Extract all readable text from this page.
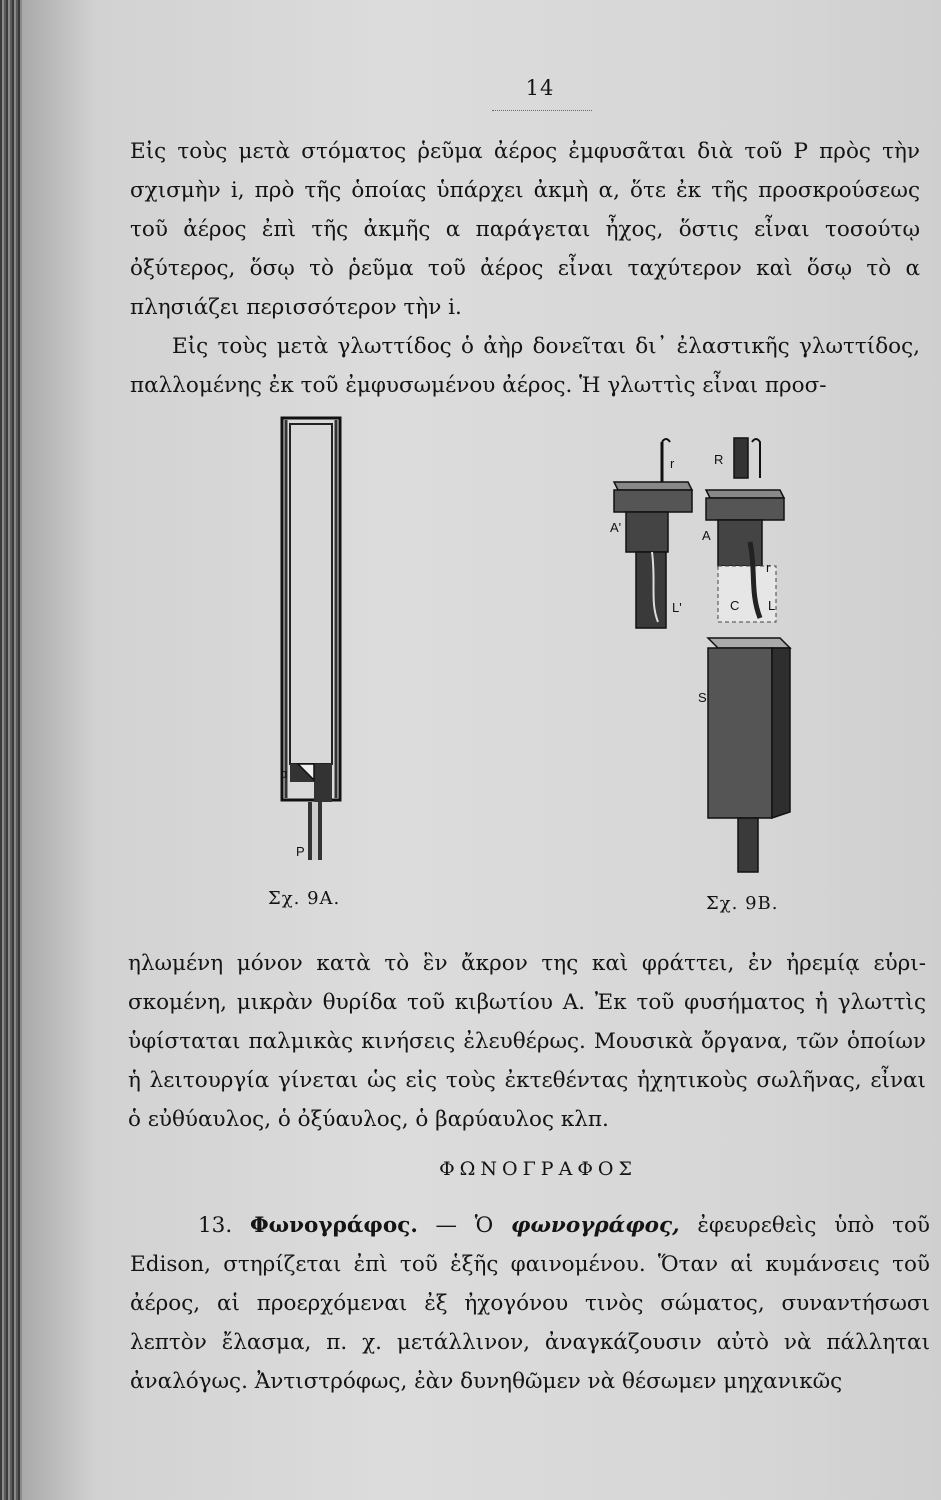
14

Εἰς τοὺς μετὰ στόματος ῥεῦμα ἀέρος ἐμφυσᾶται διὰ τοῦ P πρὸς τὴν σχισμὴν i, πρὸ τῆς ὁποίας ὑπάρχει ἀκμὴ α, ὅτε ἐκ τῆς προσκρούσεως τοῦ ἀέρος ἐπὶ τῆς ἀκμῆς α παράγεται ἦχος, ὅστις εἶναι τοσούτῳ ὀξύτερος, ὅσῳ τὸ ῥεῦμα τοῦ ἀέρος εἶναι ταχύτερον καὶ ὅσῳ τὸ α πλησιάζει περισσότερον τὴν i.

Εἰς τοὺς μετὰ γλωττίδος ὁ ἀὴρ δονεῖται δι᾽ ἐλαστικῆς γλωττίδος, παλλομένης ἐκ τοῦ ἐμφυσωμένου ἀέρος. Ἡ γλωττὶς εἶναι προσ-

i
α
P
Σχ. 9Α.
r
A'
L'
R
A
C L
r
S
Σχ. 9Β.

ηλωμένη μόνον κατὰ τὸ ἓν ἄκρον της καὶ φράττει, ἐν ἠρεμίᾳ εὑρισκομένη, μικρὰν θυρίδα τοῦ κιβωτίου A. Ἐκ τοῦ φυσήματος ἡ γλωττὶς ὑφίσταται παλμικὰς κινήσεις ἐλευθέρως. Μουσικὰ ὄργανα, τῶν ὁποίων ἡ λειτουργία γίνεται ὡς εἰς τοὺς ἐκτεθέντας ἠχητικοὺς σωλῆνας, εἶναι ὁ εὐθύαυλος, ὁ ὀξύαυλος, ὁ βαρύαυλος κλπ.

ΦΩΝΟΓΡΑΦΟΣ

13. Φωνογράφος. — Ὁ φωνογράφος, ἐφευρεθεὶς ὑπὸ τοῦ Edison, στηρίζεται ἐπὶ τοῦ ἑξῆς φαινομένου. Ὅταν αἱ κυμάνσεις τοῦ ἀέρος, αἱ προερχόμεναι ἐξ ἠχογόνου τινὸς σώματος, συναντήσωσι λεπτὸν ἔλασμα, π. χ. μετάλλινον, ἀναγκάζουσιν αὐτὸ νὰ πάλληται ἀναλόγως. Ἀντιστρόφως, ἐὰν δυνηθῶμεν νὰ θέσωμεν μηχανικῶς
